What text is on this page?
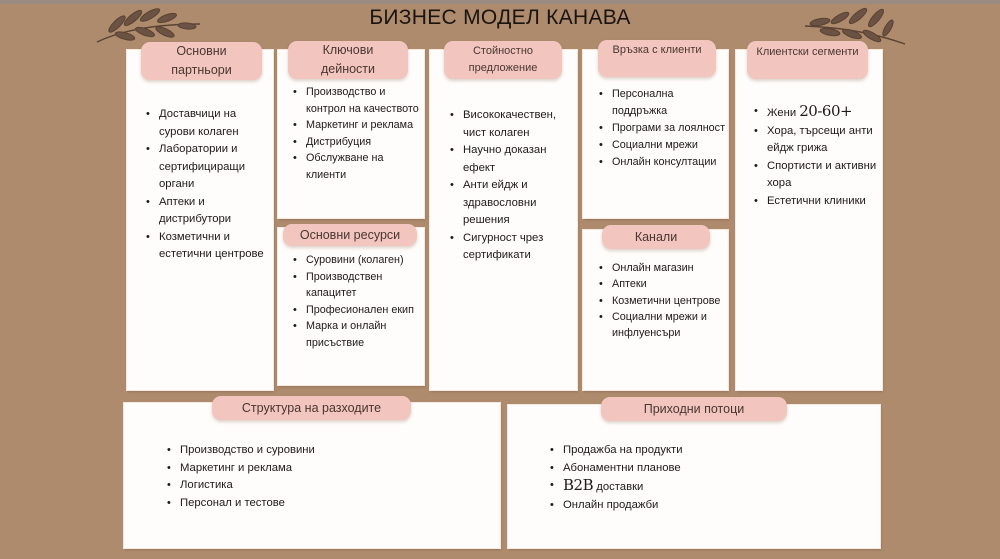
БИЗНЕС МОДЕЛ КАНАВА
Основни
партньори
• Доставчици на сурови колаген
• Лаборатории и сертифициращи органи
• Аптеки и дистрибутори
• Козметични и естетични центрове
Ключови
дейности
• Производство и контрол на качеството
• Маркетинг и реклама
• Дистрибуция
• Обслужване на клиенти
Основни ресурси
• Суровини (колаген)
• Производствен капацитет
• Професионален екип
• Марка и онлайн присъствие
Стойностно
предложение
• Висококачествен, чист колаген
• Научно доказан ефект
• Анти ейдж и здравословни решения
• Сигурност чрез сертификати
Връзка с клиенти
• Персонална поддръжка
• Програми за лоялност
• Социални мрежи
• Онлайн консултации
Канали
• Онлайн магазин
• Аптеки
• Козметични центрове
• Социални мрежи и инфлуенсъри
Клиентски сегменти
• Жени 20-60+
• Хора, търсещи анти ейдж грижа
• Спортисти и активни хора
• Естетични клиники
Структура на разходите
• Производство и суровини
• Маркетинг и реклама
• Логистика
• Персонал и тестове
Приходни потоци
• Продажба на продукти
• Абонаментни планове
• B2B доставки
• Онлайн продажби
